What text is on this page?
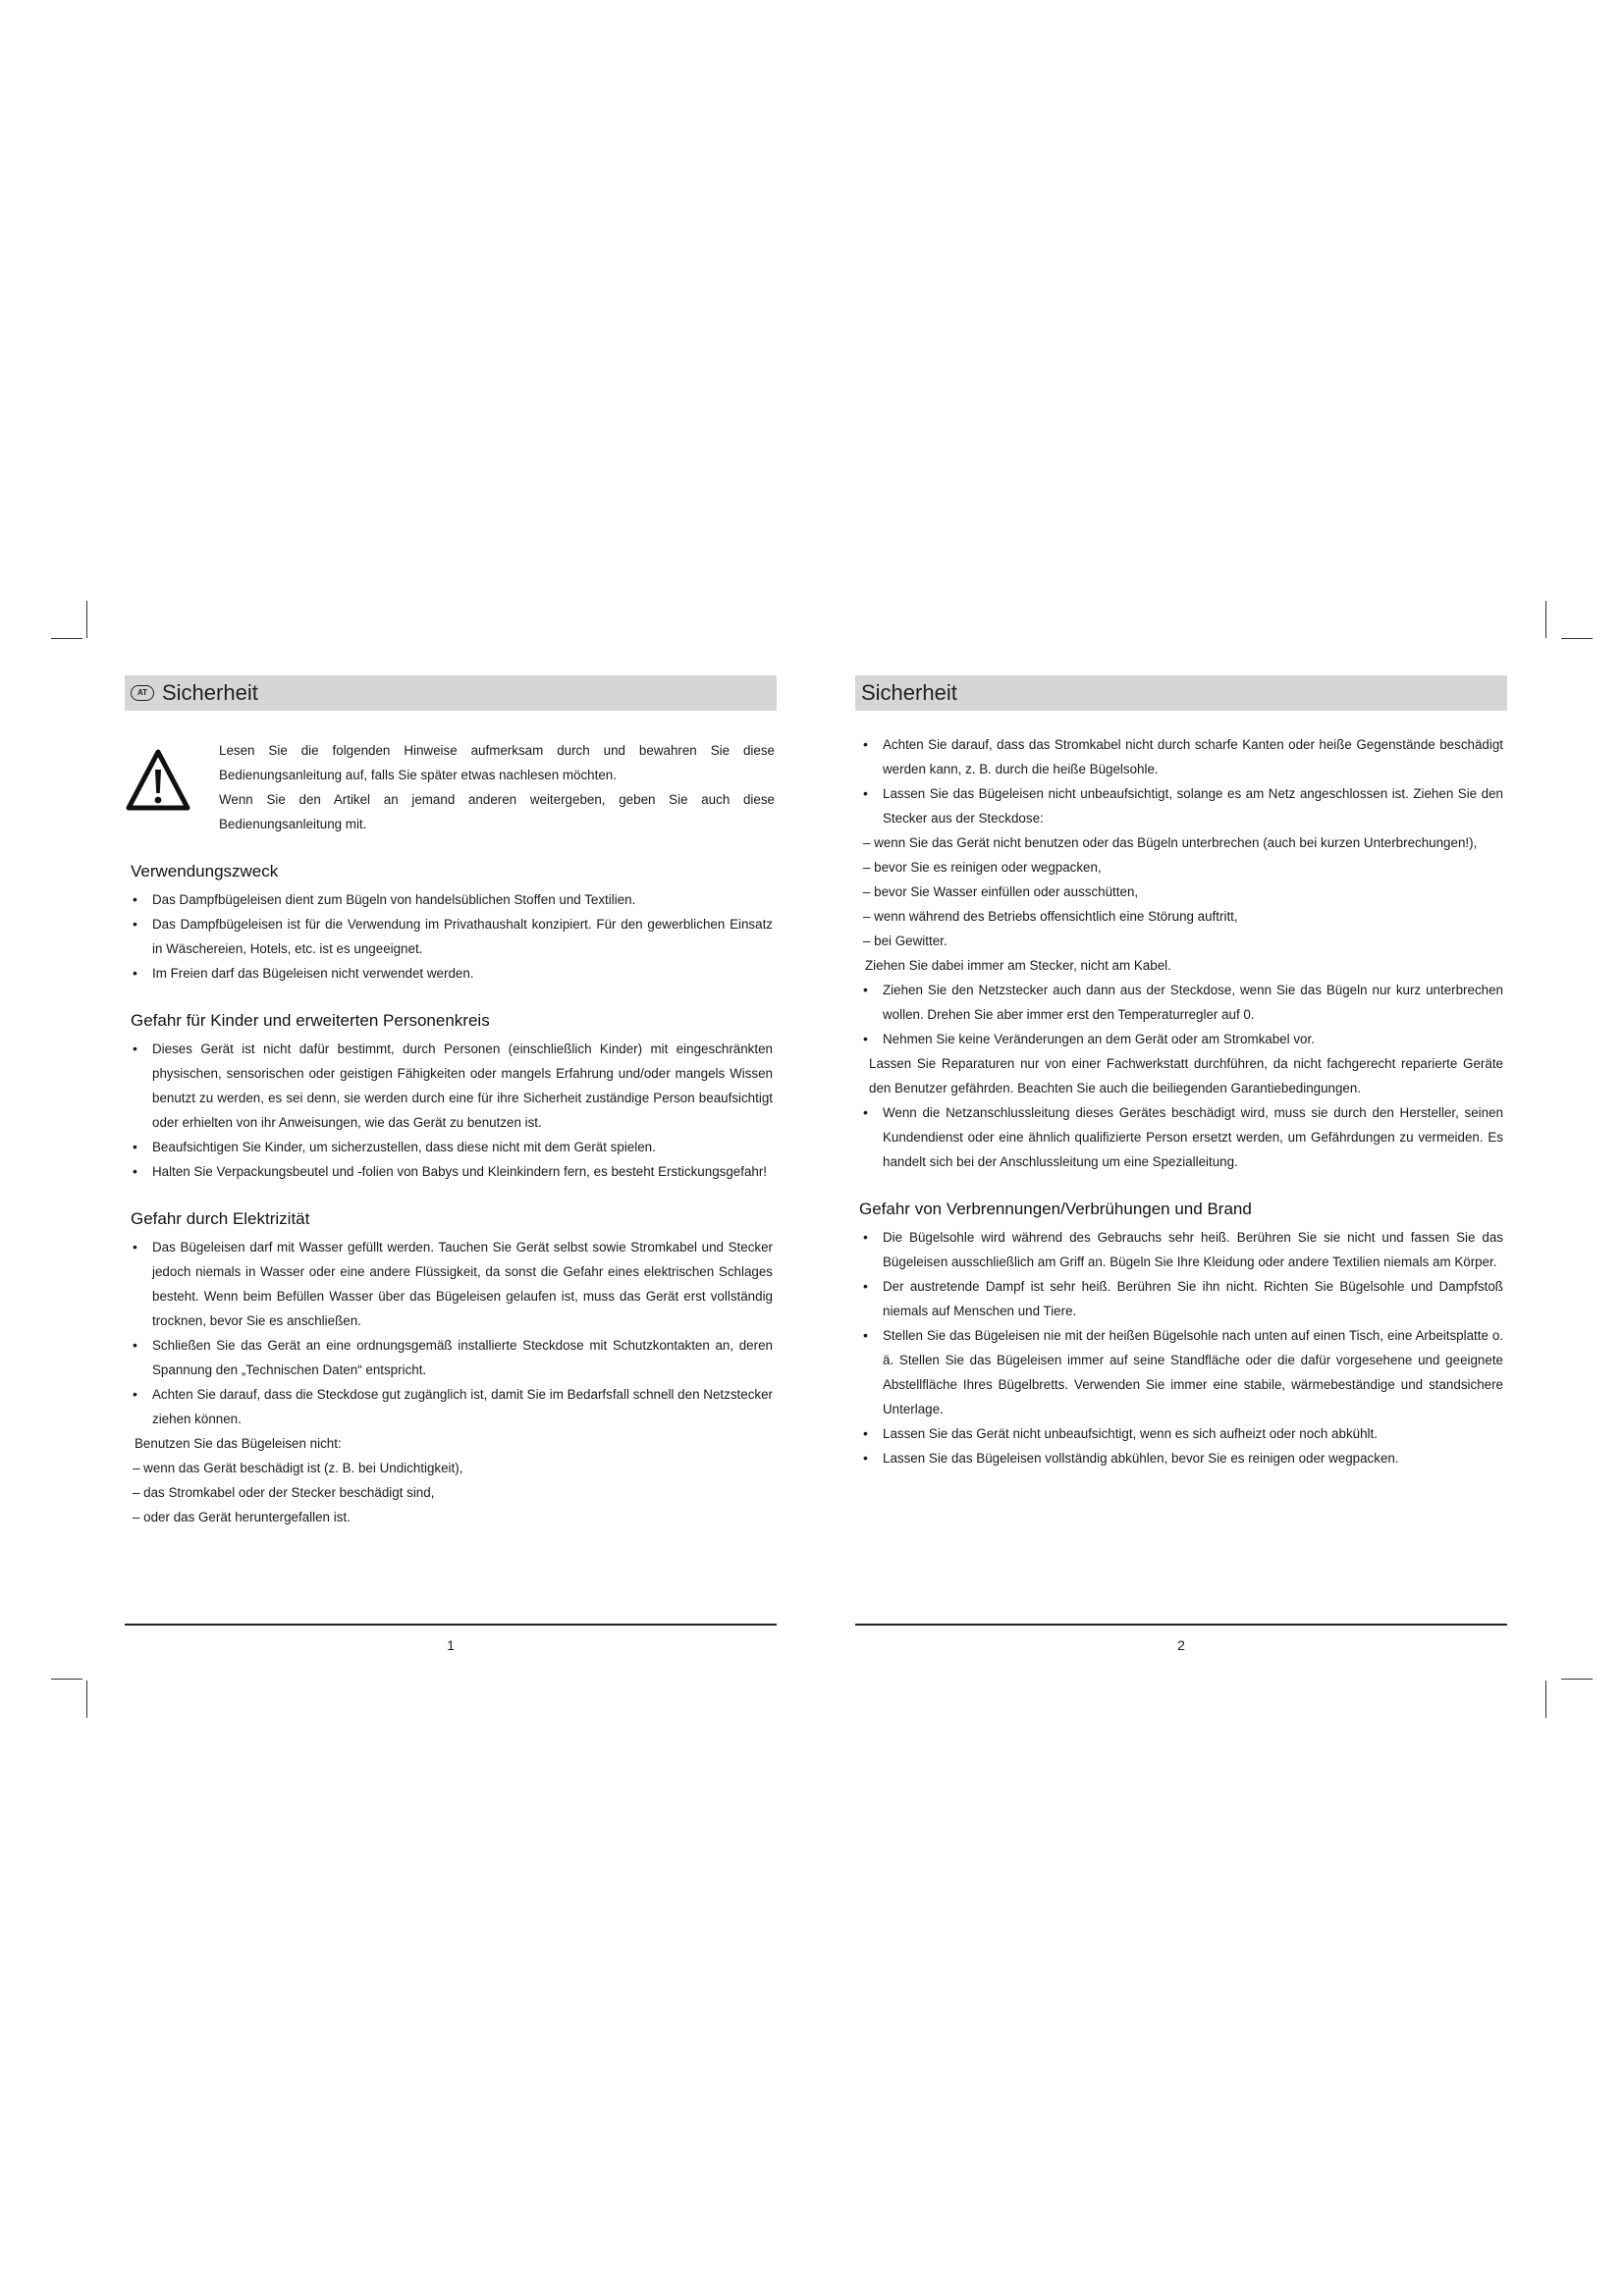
AT Sicherheit
Lesen Sie die folgenden Hinweise aufmerksam durch und bewahren Sie diese Bedienungsanleitung auf, falls Sie später etwas nachlesen möchten.
Wenn Sie den Artikel an jemand anderen weitergeben, geben Sie auch diese Bedienungsanleitung mit.
Verwendungszweck
• Das Dampfbügeleisen dient zum Bügeln von handelsüblichen Stoffen und Textilien.
• Das Dampfbügeleisen ist für die Verwendung im Privathaushalt konzipiert. Für den gewerblichen Einsatz in Wäschereien, Hotels, etc. ist es ungeeignet.
• Im Freien darf das Bügeleisen nicht verwendet werden.
Gefahr für Kinder und erweiterten Personenkreis
• Dieses Gerät ist nicht dafür bestimmt, durch Personen (einschließlich Kinder) mit eingeschränkten physischen, sensorischen oder geistigen Fähigkeiten oder mangels Erfahrung und/oder mangels Wissen benutzt zu werden, es sei denn, sie werden durch eine für ihre Sicherheit zuständige Person beaufsichtigt oder erhielten von ihr Anweisungen, wie das Gerät zu benutzen ist.
• Beaufsichtigen Sie Kinder, um sicherzustellen, dass diese nicht mit dem Gerät spielen.
• Halten Sie Verpackungsbeutel und -folien von Babys und Kleinkindern fern, es besteht Erstickungsgefahr!
Gefahr durch Elektrizität
• Das Bügeleisen darf mit Wasser gefüllt werden. Tauchen Sie Gerät selbst sowie Stromkabel und Stecker jedoch niemals in Wasser oder eine andere Flüssigkeit, da sonst die Gefahr eines elektrischen Schlages besteht. Wenn beim Befüllen Wasser über das Bügeleisen gelaufen ist, muss das Gerät erst vollständig trocknen, bevor Sie es anschließen.
• Schließen Sie das Gerät an eine ordnungsgemäß installierte Steckdose mit Schutzkontakten an, deren Spannung den „Technischen Daten“ entspricht.
• Achten Sie darauf, dass die Steckdose gut zugänglich ist, damit Sie im Bedarfsfall schnell den Netzstecker ziehen können.
Benutzen Sie das Bügeleisen nicht:
– wenn das Gerät beschädigt ist (z. B. bei Undichtigkeit),
– das Stromkabel oder der Stecker beschädigt sind,
– oder das Gerät heruntergefallen ist.
1
Sicherheit
• Achten Sie darauf, dass das Stromkabel nicht durch scharfe Kanten oder heiße Gegenstände beschädigt werden kann, z. B. durch die heiße Bügelsohle.
• Lassen Sie das Bügeleisen nicht unbeaufsichtigt, solange es am Netz angeschlossen ist. Ziehen Sie den Stecker aus der Steckdose:
– wenn Sie das Gerät nicht benutzen oder das Bügeln unterbrechen (auch bei kurzen Unterbrechungen!),
– bevor Sie es reinigen oder wegpacken,
– bevor Sie Wasser einfüllen oder ausschütten,
– wenn während des Betriebs offensichtlich eine Störung auftritt,
– bei Gewitter.
Ziehen Sie dabei immer am Stecker, nicht am Kabel.
• Ziehen Sie den Netzstecker auch dann aus der Steckdose, wenn Sie das Bügeln nur kurz unterbrechen wollen. Drehen Sie aber immer erst den Temperaturregler auf 0.
• Nehmen Sie keine Veränderungen an dem Gerät oder am Stromkabel vor.
Lassen Sie Reparaturen nur von einer Fachwerkstatt durchführen, da nicht fachgerecht reparierte Geräte den Benutzer gefährden. Beachten Sie auch die beiliegenden Garantiebedingungen.
• Wenn die Netzanschlussleitung dieses Gerätes beschädigt wird, muss sie durch den Hersteller, seinen Kundendienst oder eine ähnlich qualifizierte Person ersetzt werden, um Gefährdungen zu vermeiden. Es handelt sich bei der Anschlussleitung um eine Spezialleitung.
Gefahr von Verbrennungen/Verbrühungen und Brand
• Die Bügelsohle wird während des Gebrauchs sehr heiß. Berühren Sie sie nicht und fassen Sie das Bügeleisen ausschließlich am Griff an. Bügeln Sie Ihre Kleidung oder andere Textilien niemals am Körper.
• Der austretende Dampf ist sehr heiß. Berühren Sie ihn nicht. Richten Sie Bügelsohle und Dampfstoß niemals auf Menschen und Tiere.
• Stellen Sie das Bügeleisen nie mit der heißen Bügelsohle nach unten auf einen Tisch, eine Arbeitsplatte o. ä. Stellen Sie das Bügeleisen immer auf seine Standfläche oder die dafür vorgesehene und geeignete Abstellfläche Ihres Bügelbretts. Verwenden Sie immer eine stabile, wärmebeständige und standsichere Unterlage.
• Lassen Sie das Gerät nicht unbeaufsichtigt, wenn es sich aufheizt oder noch abkühlt.
• Lassen Sie das Bügeleisen vollständig abkühlen, bevor Sie es reinigen oder wegpacken.
2
